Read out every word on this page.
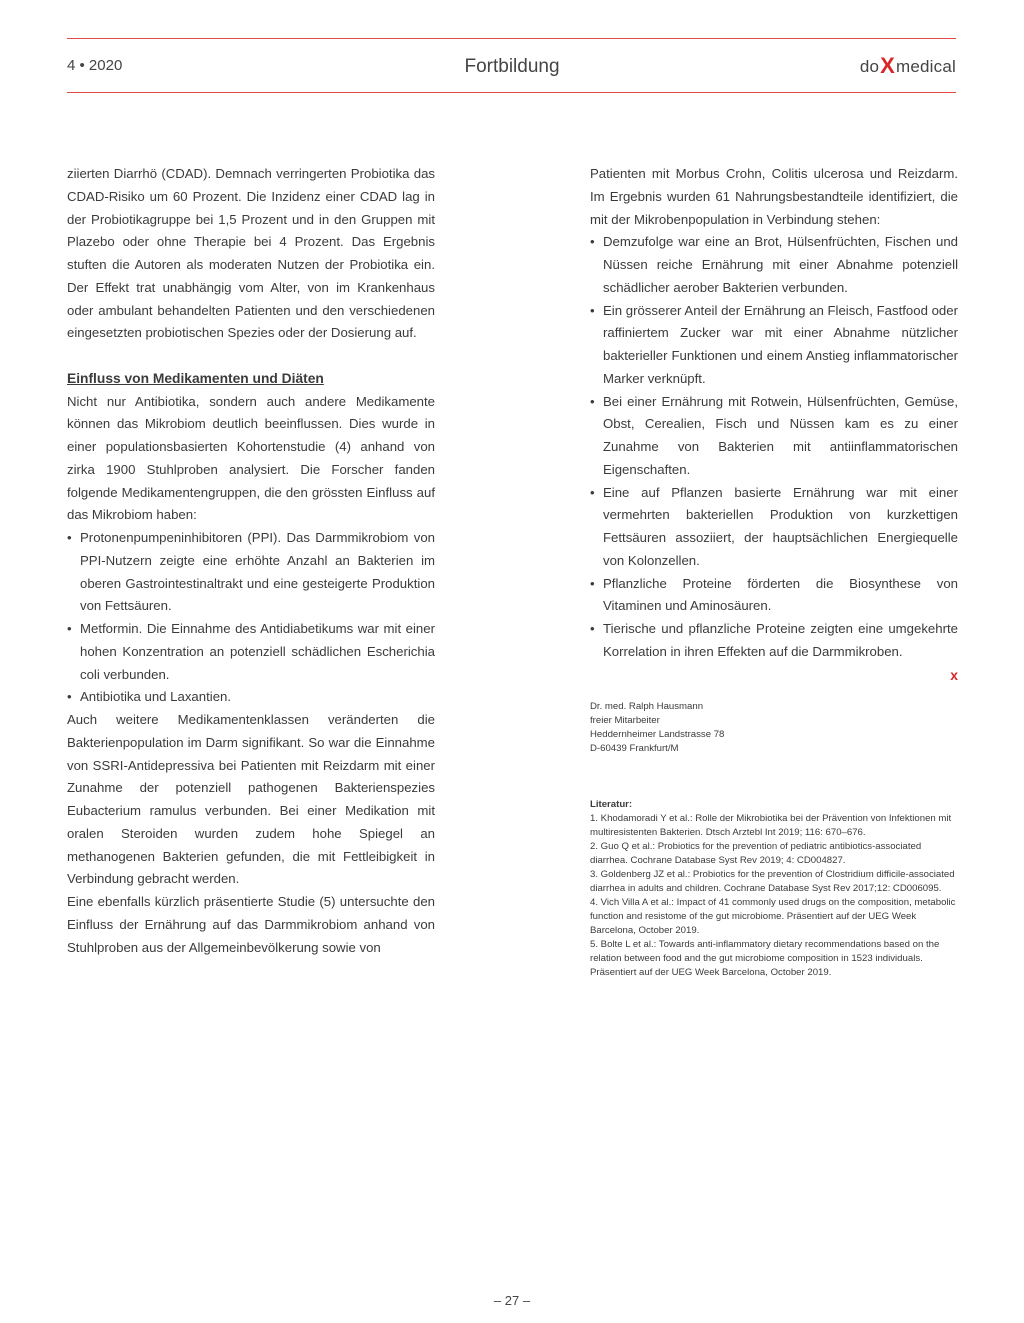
4 • 2020	Fortbildung	doXmedical

ziierten Diarrhö (CDAD). Demnach verringerten Probiotika das CDAD-Risiko um 60 Prozent. Die Inzidenz einer CDAD lag in der Probiotikagruppe bei 1,5 Prozent und in den Gruppen mit Plazebo oder ohne Therapie bei 4 Prozent. Das Ergebnis stuften die Autoren als moderaten Nutzen der Probiotika ein. Der Effekt trat unabhängig vom Alter, von im Krankenhaus oder ambulant behandelten Patienten und den verschiedenen eingesetzten probiotischen Spezies oder der Dosierung auf.

Einfluss von Medikamenten und Diäten

Nicht nur Antibiotika, sondern auch andere Medikamente können das Mikrobiom deutlich beeinflussen. Dies wurde in einer populationsbasierten Kohortenstudie (4) anhand von zirka 1900 Stuhlproben analysiert. Die Forscher fanden folgende Medikamentengruppen, die den grössten Einfluss auf das Mikrobiom haben:

• Protonenpumpeninhibitoren (PPI). Das Darmmikrobiom von PPI-Nutzern zeigte eine erhöhte Anzahl an Bakterien im oberen Gastrointestinaltrakt und eine gesteigerte Produktion von Fettsäuren.
• Metformin. Die Einnahme des Antidiabetikums war mit einer hohen Konzentration an potenziell schädlichen Escherichia coli verbunden.
• Antibiotika und Laxantien.

Auch weitere Medikamentenklassen veränderten die Bakterienpopulation im Darm signifikant. So war die Einnahme von SSRI-Antidepressiva bei Patienten mit Reizdarm mit einer Zunahme der potenziell pathogenen Bakterienspezies Eubacterium ramulus verbunden. Bei einer Medikation mit oralen Steroiden wurden zudem hohe Spiegel an methanogenen Bakterien gefunden, die mit Fettleibigkeit in Verbindung gebracht werden.

Eine ebenfalls kürzlich präsentierte Studie (5) untersuchte den Einfluss der Ernährung auf das Darmmikrobiom anhand von Stuhlproben aus der Allgemeinbevölkerung sowie von

Patienten mit Morbus Crohn, Colitis ulcerosa und Reizdarm. Im Ergebnis wurden 61 Nahrungsbestandteile identifiziert, die mit der Mikrobenpopulation in Verbindung stehen:

• Demzufolge war eine an Brot, Hülsenfrüchten, Fischen und Nüssen reiche Ernährung mit einer Abnahme potenziell schädlicher aerober Bakterien verbunden.
• Ein grösserer Anteil der Ernährung an Fleisch, Fastfood oder raffiniertem Zucker war mit einer Abnahme nützlicher bakterieller Funktionen und einem Anstieg inflammatorischer Marker verknüpft.
• Bei einer Ernährung mit Rotwein, Hülsenfrüchten, Gemüse, Obst, Cerealien, Fisch und Nüssen kam es zu einer Zunahme von Bakterien mit antiinflammatorischen Eigenschaften.
• Eine auf Pflanzen basierte Ernährung war mit einer vermehrten bakteriellen Produktion von kurzkettigen Fettsäuren assoziiert, der hauptsächlichen Energiequelle von Kolonzellen.
• Pflanzliche Proteine förderten die Biosynthese von Vitaminen und Aminosäuren.
• Tierische und pflanzliche Proteine zeigten eine umgekehrte Korrelation in ihren Effekten auf die Darmmikroben.
x
Dr. med. Ralph Hausmann
freier Mitarbeiter
Heddernheimer Landstrasse 78
D-60439 Frankfurt/M
Literatur:

1. Khodamoradi Y et al.: Rolle der Mikrobiotika bei der Prävention von Infektionen mit multiresistenten Bakterien. Dtsch Arztebl Int 2019; 116: 670–676.

2. Guo Q et al.: Probiotics for the prevention of pediatric antibiotics-associated diarrhea. Cochrane Database Syst Rev 2019; 4: CD004827.

3. Goldenberg JZ et al.: Probiotics for the prevention of Clostridium difficile-associated diarrhea in adults and children. Cochrane Database Syst Rev 2017;12: CD006095.

4. Vich Villa A et al.: Impact of 41 commonly used drugs on the composition, metabolic function and resistome of the gut microbiome. Präsentiert auf der UEG Week Barcelona, October 2019.

5. Bolte L et al.: Towards anti-inflammatory dietary recommendations based on the relation between food and the gut microbiome composition in 1523 individuals. Präsentiert auf der UEG Week Barcelona, October 2019.

– 27 –
